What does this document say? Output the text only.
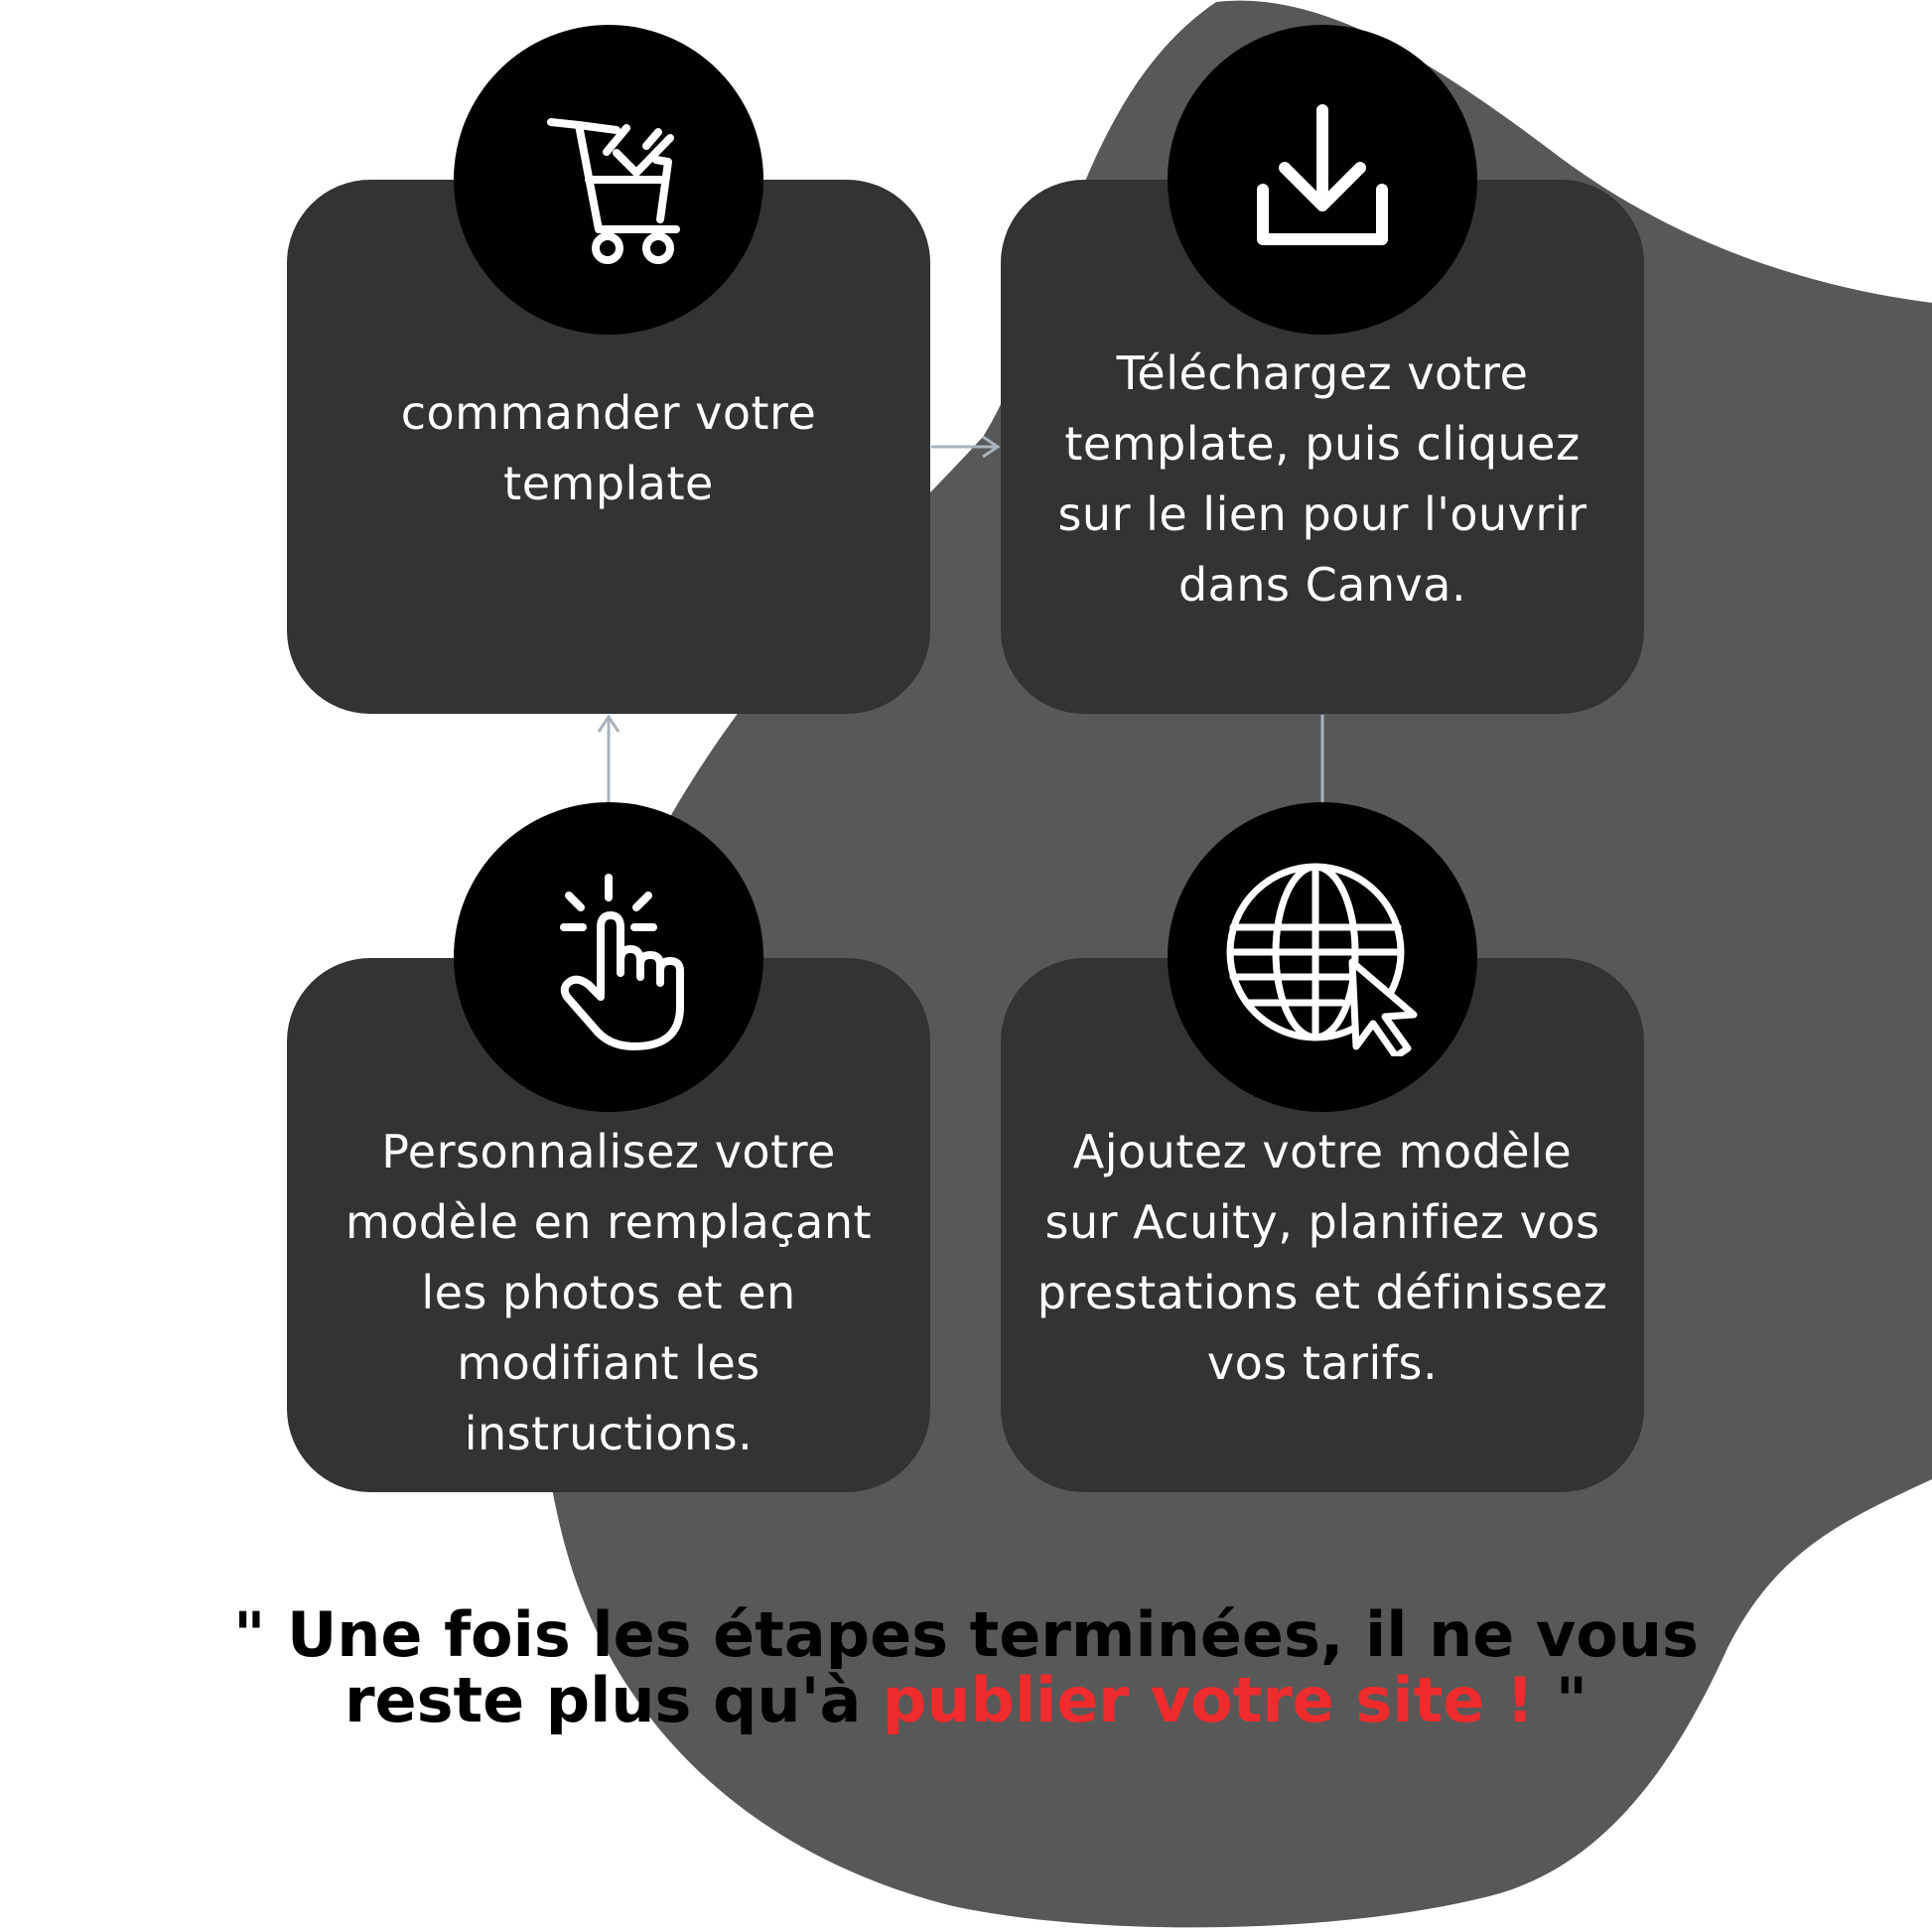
commander votre
template
Téléchargez votre
template, puis cliquez
sur le lien pour l'ouvrir
dans Canva.
Personnalisez votre
modèle en remplaçant
les photos et en
modifiant les
instructions.
Ajoutez votre modèle
sur Acuity, planifiez vos
prestations et définissez
vos tarifs.
" Une fois les étapes terminées, il ne vous
reste plus qu'à publier votre site ! "
